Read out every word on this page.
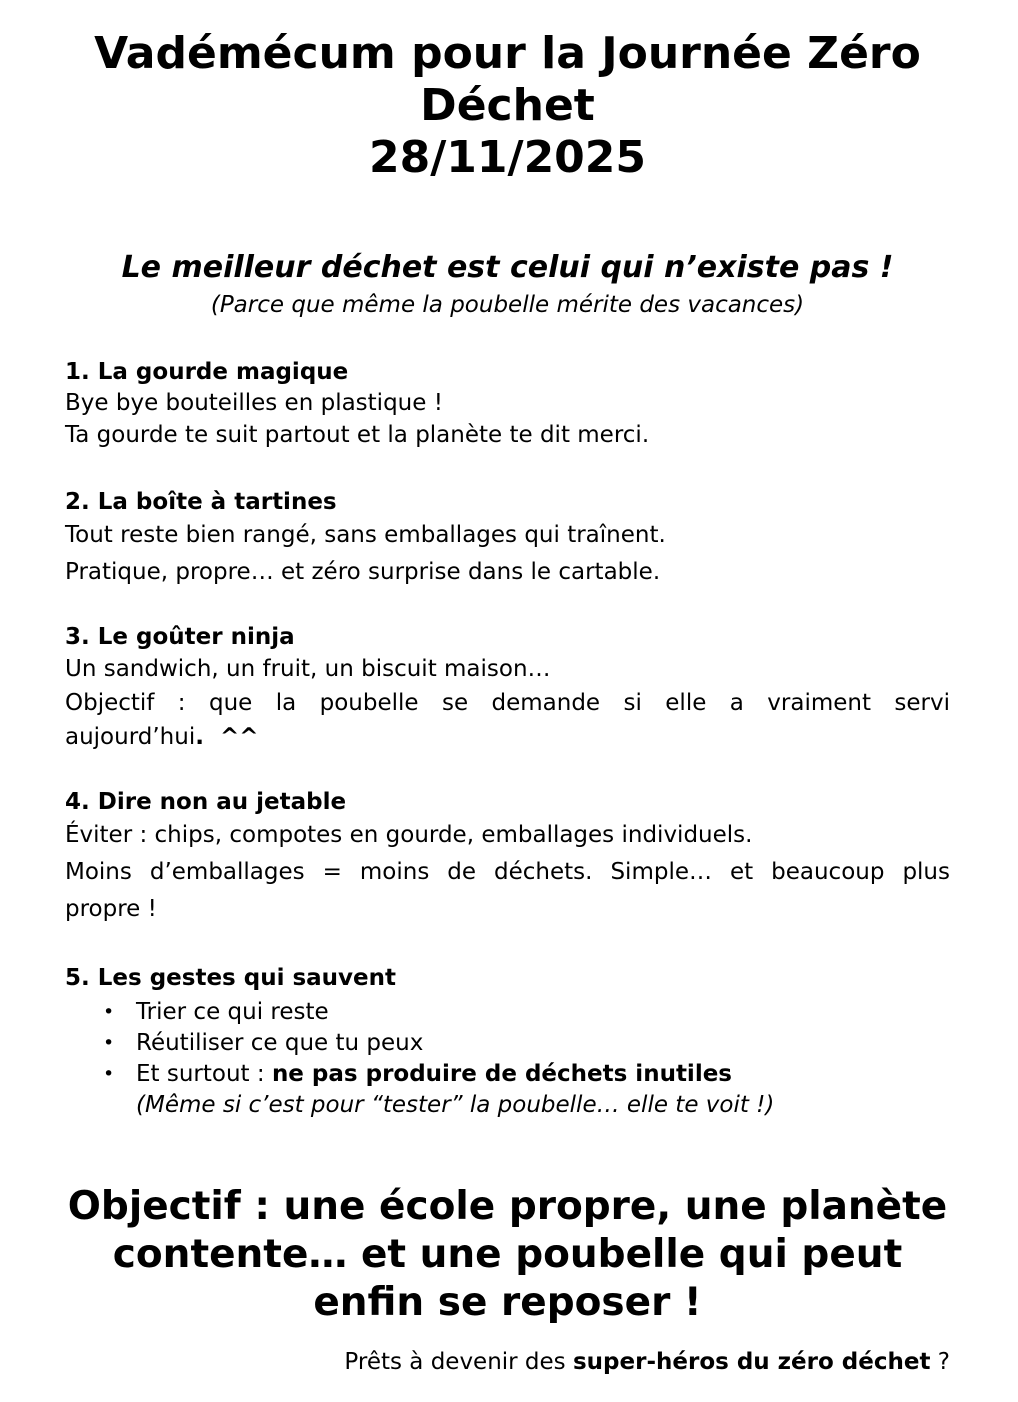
Vadémécum pour la Journée Zéro
Déchet
28/11/2025
Le meilleur déchet est celui qui n’existe pas !
(Parce que même la poubelle mérite des vacances)
1. La gourde magique

Bye bye bouteilles en plastique !

Ta gourde te suit partout et la planète te dit merci.

2. La boîte à tartines

Tout reste bien rangé, sans emballages qui traînent.

Pratique, propre… et zéro surprise dans le cartable.

3. Le goûter ninja

Un sandwich, un fruit, un biscuit maison…

Objectif : que la poubelle se demande si elle a vraiment servi

aujourd’hui.  ^^

4. Dire non au jetable

Éviter : chips, compotes en gourde, emballages individuels.

Moins d’emballages = moins de déchets. Simple… et beaucoup plus

propre !

5. Les gestes qui sauvent
• Trier ce qui reste
• Réutiliser ce que tu peux
• Et surtout : ne pas produire de déchets inutiles
(Même si c’est pour “tester” la poubelle… elle te voit !)
Objectif : une école propre, une planète
contente… et une poubelle qui peut
enfin se reposer !

Prêts à devenir des super-héros du zéro déchet ?
